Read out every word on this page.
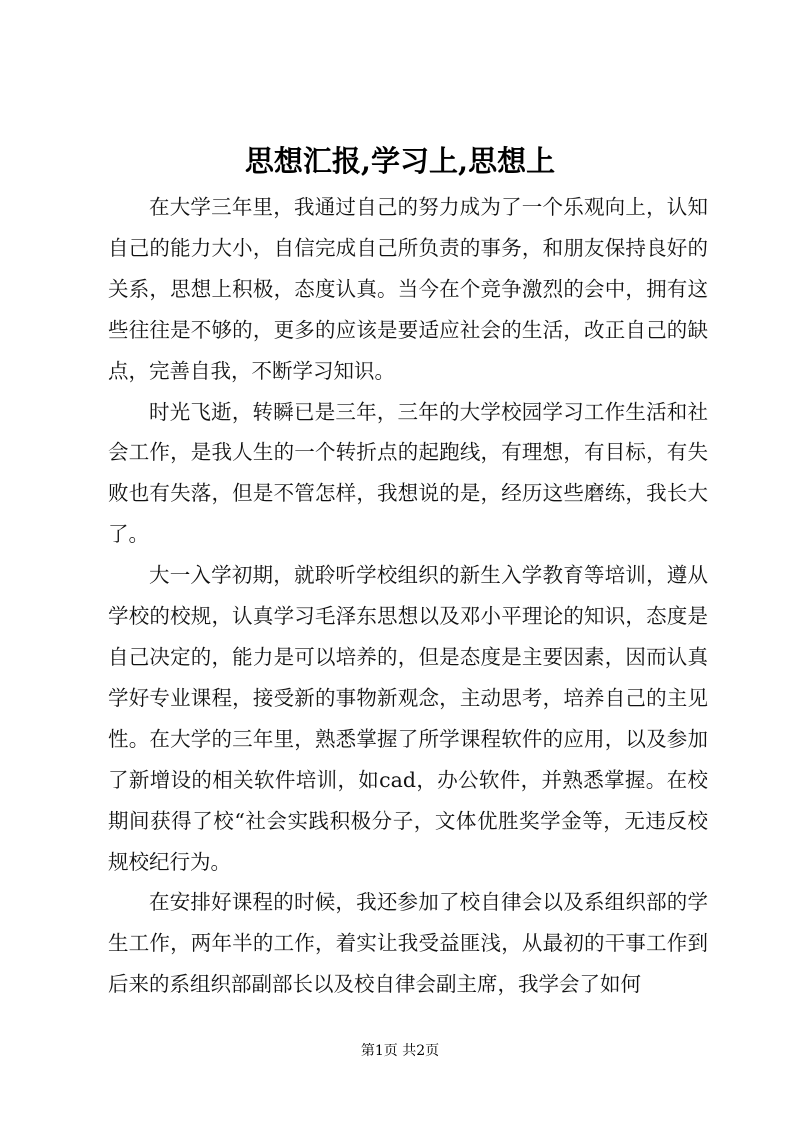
思想汇报,学习上,思想上

在大学三年里，我通过自己的努力成为了一个乐观向上，认知自己的能力大小，自信完成自己所负责的事务，和朋友保持良好的关系，思想上积极，态度认真。当今在个竞争激烈的会中，拥有这些往往是不够的，更多的应该是要适应社会的生活，改正自己的缺点，完善自我，不断学习知识。

时光飞逝，转瞬已是三年，三年的大学校园学习工作生活和社会工作，是我人生的一个转折点的起跑线，有理想，有目标，有失败也有失落，但是不管怎样，我想说的是，经历这些磨练，我长大了。

大一入学初期，就聆听学校组织的新生入学教育等培训，遵从学校的校规，认真学习毛泽东思想以及邓小平理论的知识，态度是自己决定的，能力是可以培养的，但是态度是主要因素，因而认真学好专业课程，接受新的事物新观念，主动思考，培养自己的主见性。在大学的三年里，熟悉掌握了所学课程软件的应用，以及参加了新增设的相关软件培训，如cad，办公软件，并熟悉掌握。在校期间获得了校“社会实践积极分子，文体优胜奖学金等，无违反校规校纪行为。

在安排好课程的时候，我还参加了校自律会以及系组织部的学生工作，两年半的工作，着实让我受益匪浅，从最初的干事工作到后来的系组织部副部长以及校自律会副主席，我学会了如何

第1页 共2页
